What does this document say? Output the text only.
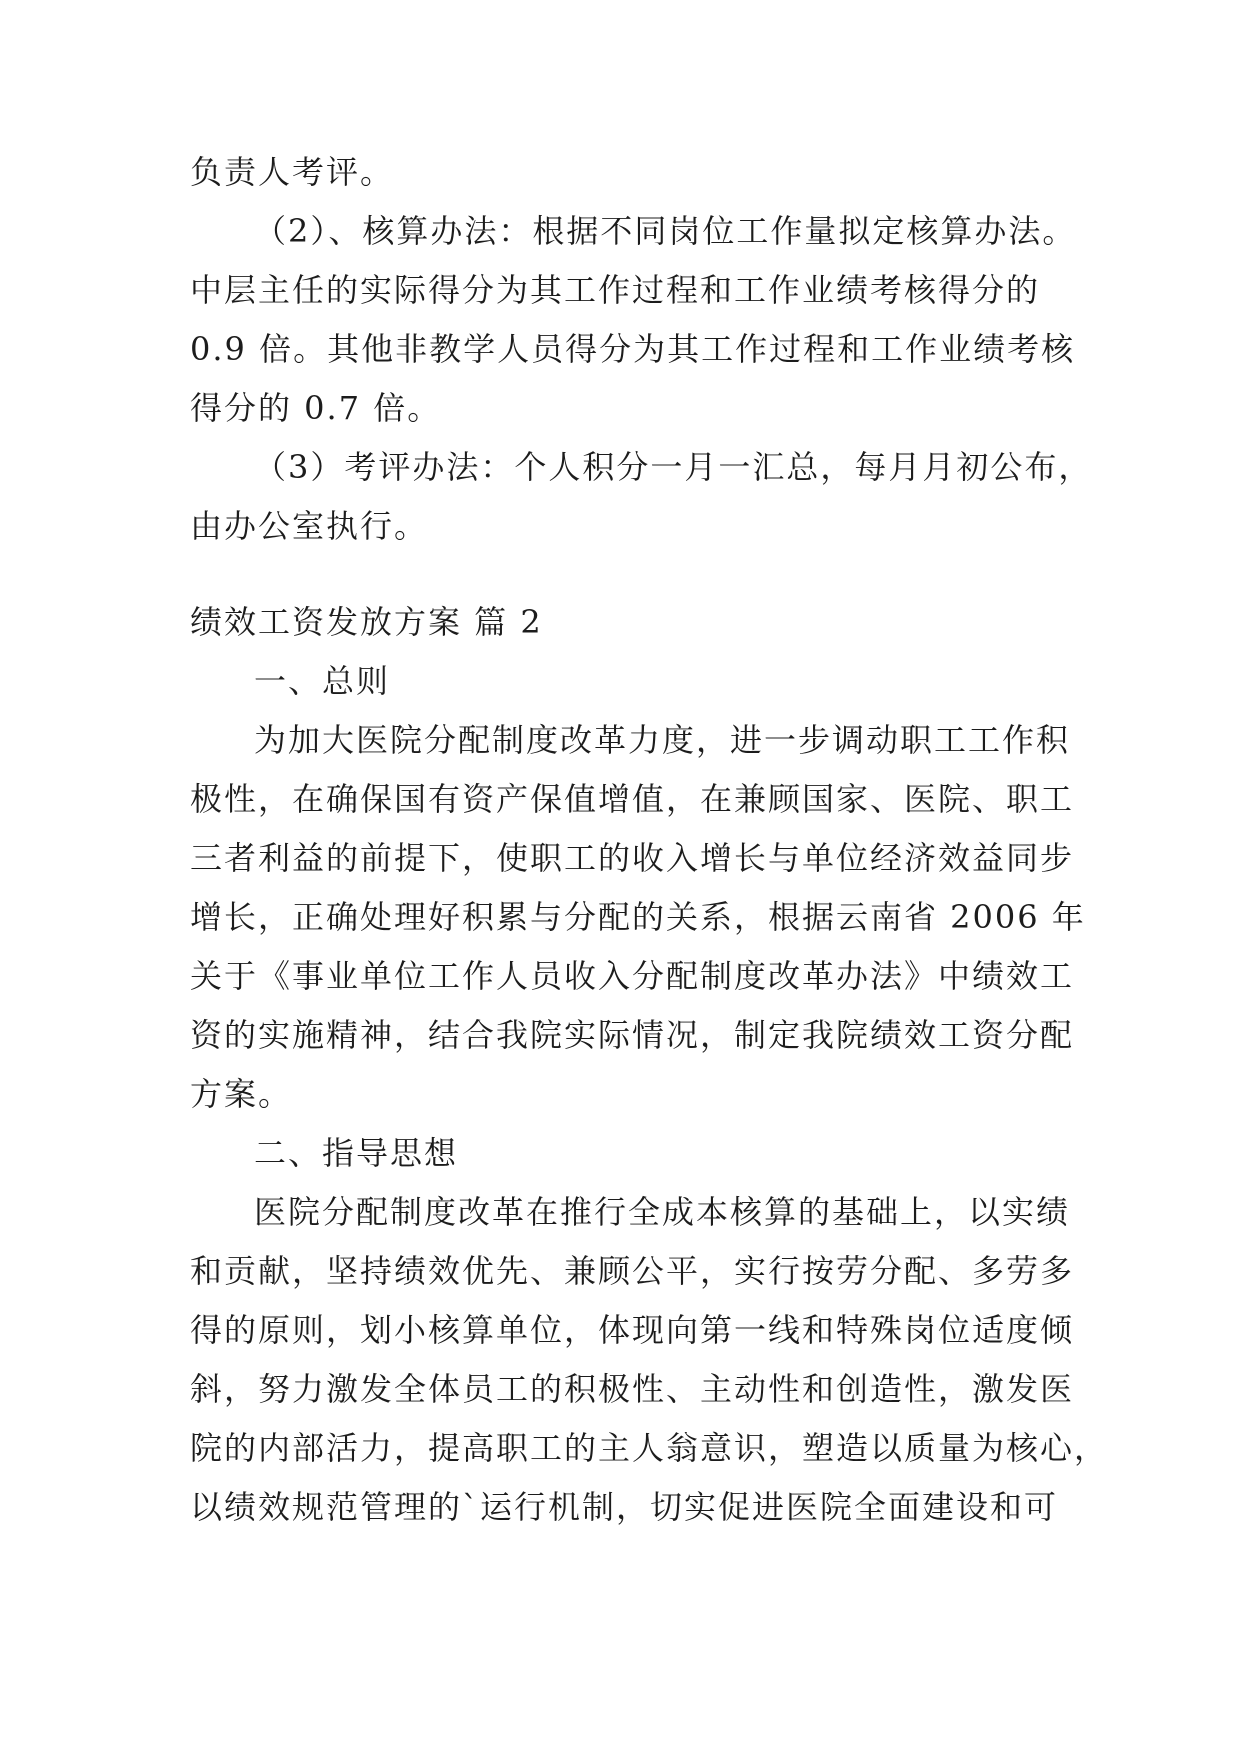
负责人考评。
（2）、核算办法：根据不同岗位工作量拟定核算办法。
中层主任的实际得分为其工作过程和工作业绩考核得分的
0.9 倍。其他非教学人员得分为其工作过程和工作业绩考核
得分的 0.7 倍。
（3）考评办法：个人积分一月一汇总，每月月初公布，
由办公室执行。
绩效工资发放方案 篇 2
一、总则
为加大医院分配制度改革力度，进一步调动职工工作积
极性，在确保国有资产保值增值，在兼顾国家、医院、职工
三者利益的前提下，使职工的收入增长与单位经济效益同步
增长，正确处理好积累与分配的关系，根据云南省 2006 年
关于《事业单位工作人员收入分配制度改革办法》中绩效工
资的实施精神，结合我院实际情况，制定我院绩效工资分配
方案。
二、指导思想
医院分配制度改革在推行全成本核算的基础上，以实绩
和贡献，坚持绩效优先、兼顾公平，实行按劳分配、多劳多
得的原则，划小核算单位，体现向第一线和特殊岗位适度倾
斜，努力激发全体员工的积极性、主动性和创造性，激发医
院的内部活力，提高职工的主人翁意识，塑造以质量为核心，
以绩效规范管理的`运行机制，切实促进医院全面建设和可
